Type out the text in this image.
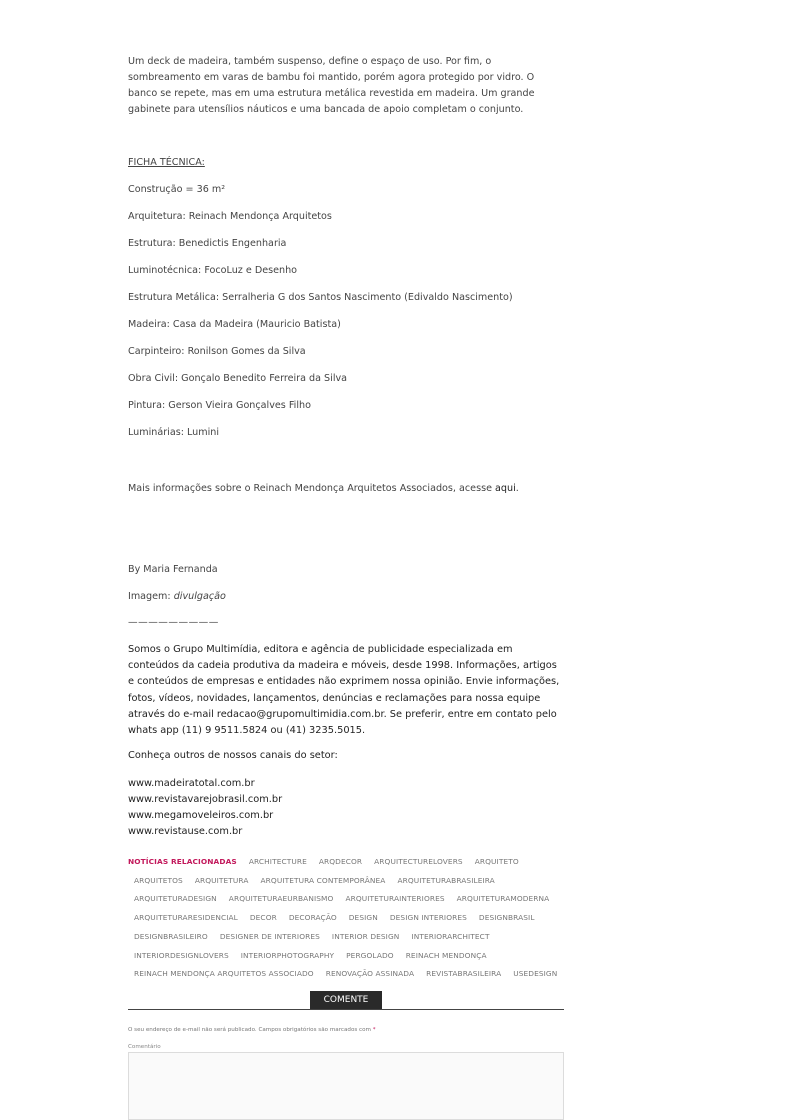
Um deck de madeira, também suspenso, define o espaço de uso. Por fim, o sombreamento em varas de bambu foi mantido, porém agora protegido por vidro. O banco se repete, mas em uma estrutura metálica revestida em madeira. Um grande gabinete para utensílios náuticos e uma bancada de apoio completam o conjunto.

FICHA TÉCNICA:

Construção = 36 m²

Arquitetura: Reinach Mendonça Arquitetos

Estrutura: Benedictis Engenharia

Luminotécnica: FocoLuz e Desenho

Estrutura Metálica: Serralheria G dos Santos Nascimento (Edivaldo Nascimento)

Madeira: Casa da Madeira (Mauricio Batista)

Carpinteiro: Ronilson Gomes da Silva

Obra Civil: Gonçalo Benedito Ferreira da Silva

Pintura: Gerson Vieira Gonçalves Filho

Luminárias: Lumini

Mais informações sobre o Reinach Mendonça Arquitetos Associados, acesse aqui.

By Maria Fernanda

Imagem: divulgação

—————————

Somos o Grupo Multimídia, editora e agência de publicidade especializada em conteúdos da cadeia produtiva da madeira e móveis, desde 1998. Informações, artigos e conteúdos de empresas e entidades não exprimem nossa opinião. Envie informações, fotos, vídeos, novidades, lançamentos, denúncias e reclamações para nossa equipe através do e-mail redacao@grupomultimidia.com.br. Se preferir, entre em contato pelo whats app (11) 9 9511.5824 ou (41) 3235.5015.

Conheça outros de nossos canais do setor:

www.madeiratotal.com.br
www.revistavarejobrasil.com.br
www.megamoveleiros.com.br
www.revistause.com.br
NOTÍCIAS RELACIONADAS ARCHITECTURE ARQDECOR ARQUITECTURELOVERS ARQUITETOARQUITETOS ARQUITETURA ARQUITETURA CONTEMPORÂNEA ARQUITETURABRASILEIRAARQUITETURADESIGN ARQUITETURAEURBANISMO ARQUITETURAINTERIORES ARQUITETURAMODERNAARQUITETURARESIDENCIAL DECOR DECORAÇÃO DESIGN DESIGN INTERIORES DESIGNBRASILDESIGNBRASILEIRO DESIGNER DE INTERIORES INTERIOR DESIGN INTERIORARCHITECTINTERIORDESIGNLOVERS INTERIORPHOTOGRAPHY PERGOLADO REINACH MENDONÇAREINACH MENDONÇA ARQUITETOS ASSOCIADO RENOVAÇÃO ASSINADA REVISTABRASILEIRA USEDESIGN
COMENTE
O seu endereço de e-mail não será publicado. Campos obrigatórios são marcados com *
Comentário
